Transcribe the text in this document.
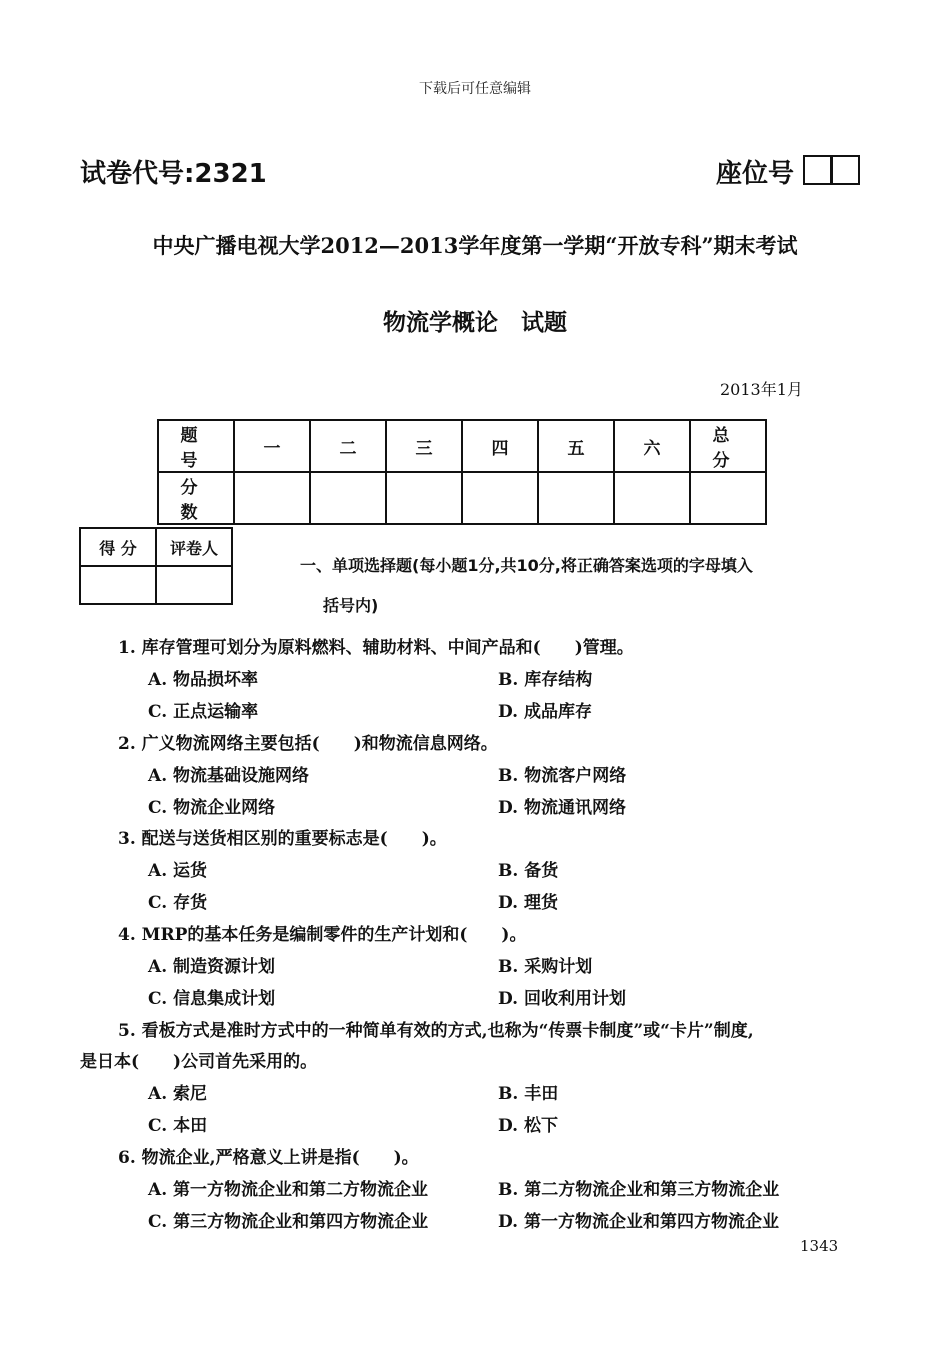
下载后可任意编辑
试卷代号:2321	座位号
中央广播电视大学2012—2013学年度第一学期“开放专科”期末考试
物流学概论　试题
2013年1月
题 号	一	二	三	四	五	六	总 分
分 数							
得 分	评卷人

一、单项选择题(每小题1分,共10分,将正确答案选项的字母填入
括号内)
1. 库存管理可划分为原料燃料、辅助材料、中间产品和(　　)管理。
A. 物品损坏率	B. 库存结构
C. 正点运输率	D. 成品库存
2. 广义物流网络主要包括(　　)和物流信息网络。
A. 物流基础设施网络	B. 物流客户网络
C. 物流企业网络	D. 物流通讯网络
3. 配送与送货相区别的重要标志是(　　)。
A. 运货	B. 备货
C. 存货	D. 理货
4. MRP的基本任务是编制零件的生产计划和(　　)。
A. 制造资源计划	B. 采购计划
C. 信息集成计划	D. 回收利用计划
5. 看板方式是准时方式中的一种简单有效的方式,也称为“传票卡制度”或“卡片”制度,
是日本(　　)公司首先采用的。
A. 索尼	B. 丰田
C. 本田	D. 松下
6. 物流企业,严格意义上讲是指(　　)。
A. 第一方物流企业和第二方物流企业	B. 第二方物流企业和第三方物流企业
C. 第三方物流企业和第四方物流企业	D. 第一方物流企业和第四方物流企业
1343
